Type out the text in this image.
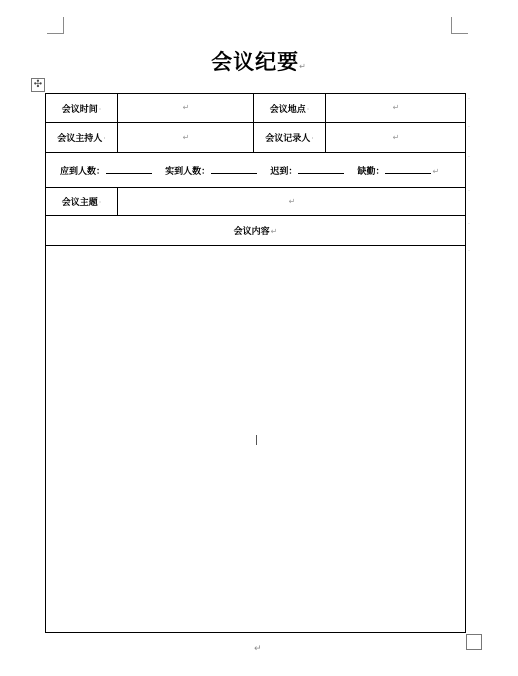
会议纪要↵
✣
会议时间·	↵	会议地点·	↵
会议主持人·	↵	会议记录人·	↵
应到人数： 实到人数： 迟到： 缺勤： ↵			
会议主题·	↵		
会议内容↵			

·
·
·
·
·
·
↵
